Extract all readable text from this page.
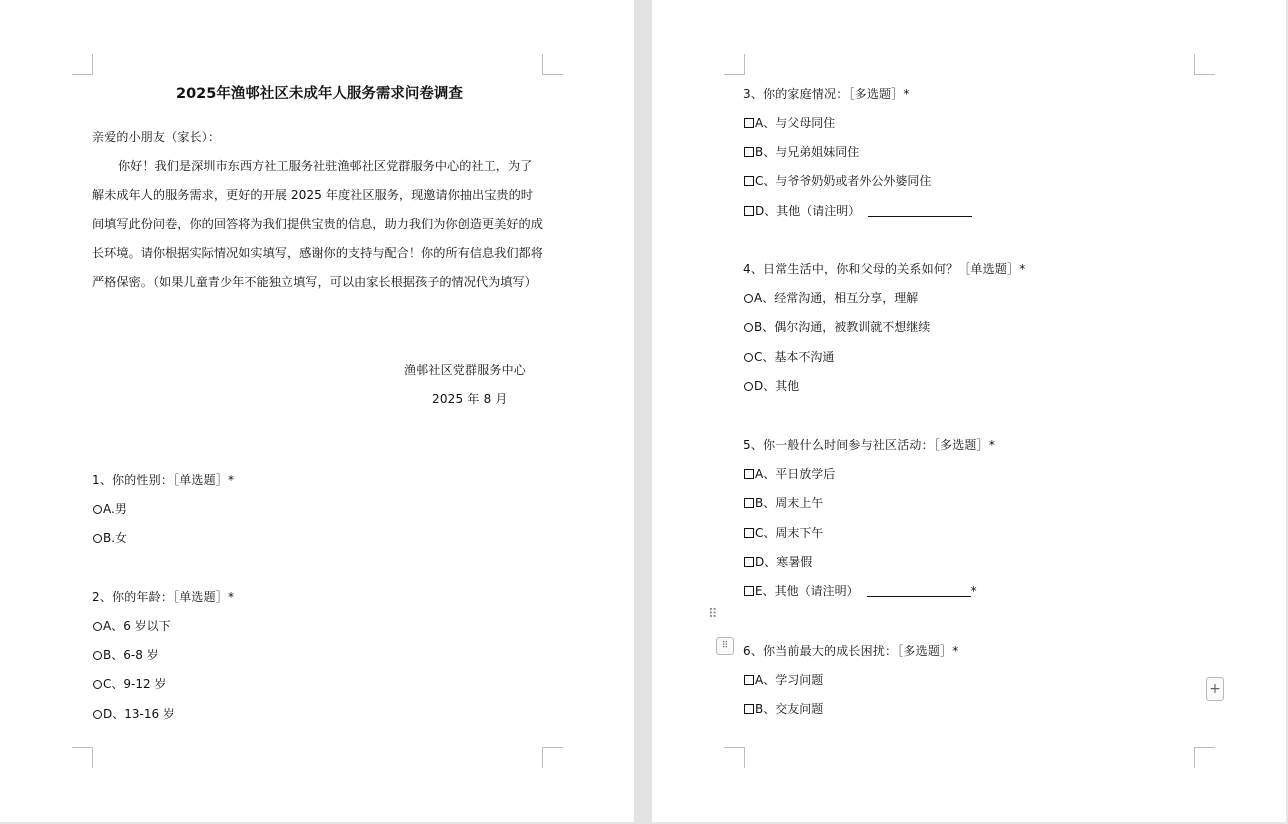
2025年渔邨社区未成年人服务需求问卷调查
亲爱的小朋友（家长）：
你好！我们是深圳市东西方社工服务社驻渔邨社区党群服务中心的社工，为了解未成年人的服务需求，更好的开展 2025 年度社区服务，现邀请你抽出宝贵的时间填写此份问卷，你的回答将为我们提供宝贵的信息，助力我们为你创造更美好的成长环境。请你根据实际情况如实填写，感谢你的支持与配合！你的所有信息我们都将严格保密。（如果儿童青少年不能独立填写，可以由家长根据孩子的情况代为填写）
渔邨社区党群服务中心
2025 年 8 月
1、你的性别：［单选题］*
A.男
B.女
2、你的年龄：［单选题］*
A、6 岁以下
B、6-8 岁
C、9-12 岁
D、13-16 岁
3、你的家庭情况：［多选题］*
A、与父母同住
B、与兄弟姐妹同住
C、与爷爷奶奶或者外公外婆同住
D、其他（请注明）
4、日常生活中，你和父母的关系如何？［单选题］*
A、经常沟通，相互分享，理解
B、偶尔沟通，被教训就不想继续
C、基本不沟通
D、其他
5、你一般什么时间参与社区活动：［多选题］*
A、平日放学后
B、周末上午
C、周末下午
D、寒暑假
E、其他（请注明）	*
⠿
⠿	6、你当前最大的成长困扰：［多选题］*
A、学习问题
B、交友问题
+
